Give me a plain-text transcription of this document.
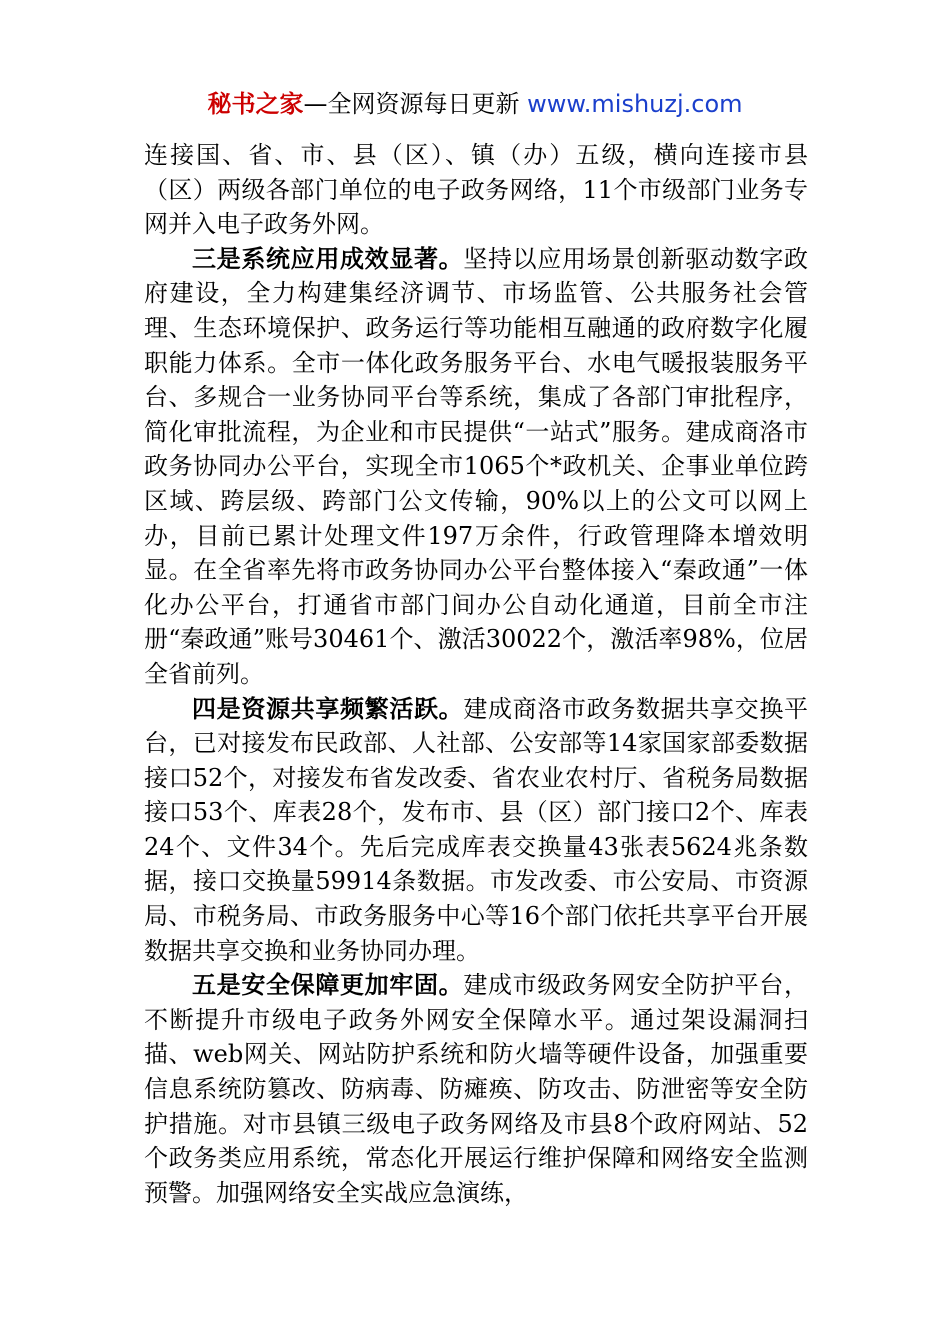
秘书之家—全网资源每日更新 www.mishuzj.com

连接国、省、市、县（区）、镇（办）五级，横向连接市县（区）两级各部门单位的电子政务网络，11个市级部门业务专网并入电子政务外网。

三是系统应用成效显著。坚持以应用场景创新驱动数字政府建设，全力构建集经济调节、市场监管、公共服务社会管理、生态环境保护、政务运行等功能相互融通的政府数字化履职能力体系。全市一体化政务服务平台、水电气暖报装服务平台、多规合一业务协同平台等系统，集成了各部门审批程序，简化审批流程，为企业和市民提供“一站式”服务。建成商洛市政务协同办公平台，实现全市1065个*政机关、企事业单位跨区域、跨层级、跨部门公文传输，90%以上的公文可以网上办，目前已累计处理文件197万余件，行政管理降本增效明显。在全省率先将市政务协同办公平台整体接入“秦政通”一体化办公平台，打通省市部门间办公自动化通道，目前全市注册“秦政通”账号30461个、激活30022个，激活率98%，位居全省前列。

四是资源共享频繁活跃。建成商洛市政务数据共享交换平台，已对接发布民政部、人社部、公安部等14家国家部委数据接口52个，对接发布省发改委、省农业农村厅、省税务局数据接口53个、库表28个，发布市、县（区）部门接口2个、库表24个、文件34个。先后完成库表交换量43张表5624兆条数据，接口交换量59914条数据。市发改委、市公安局、市资源局、市税务局、市政务服务中心等16个部门依托共享平台开展数据共享交换和业务协同办理。

五是安全保障更加牢固。建成市级政务网安全防护平台，不断提升市级电子政务外网安全保障水平。通过架设漏洞扫描、web网关、网站防护系统和防火墙等硬件设备，加强重要信息系统防篡改、防病毒、防瘫痪、防攻击、防泄密等安全防护措施。对市县镇三级电子政务网络及市县8个政府网站、52个政务类应用系统，常态化开展运行维护保障和网络安全监测预警。加强网络安全实战应急演练，
